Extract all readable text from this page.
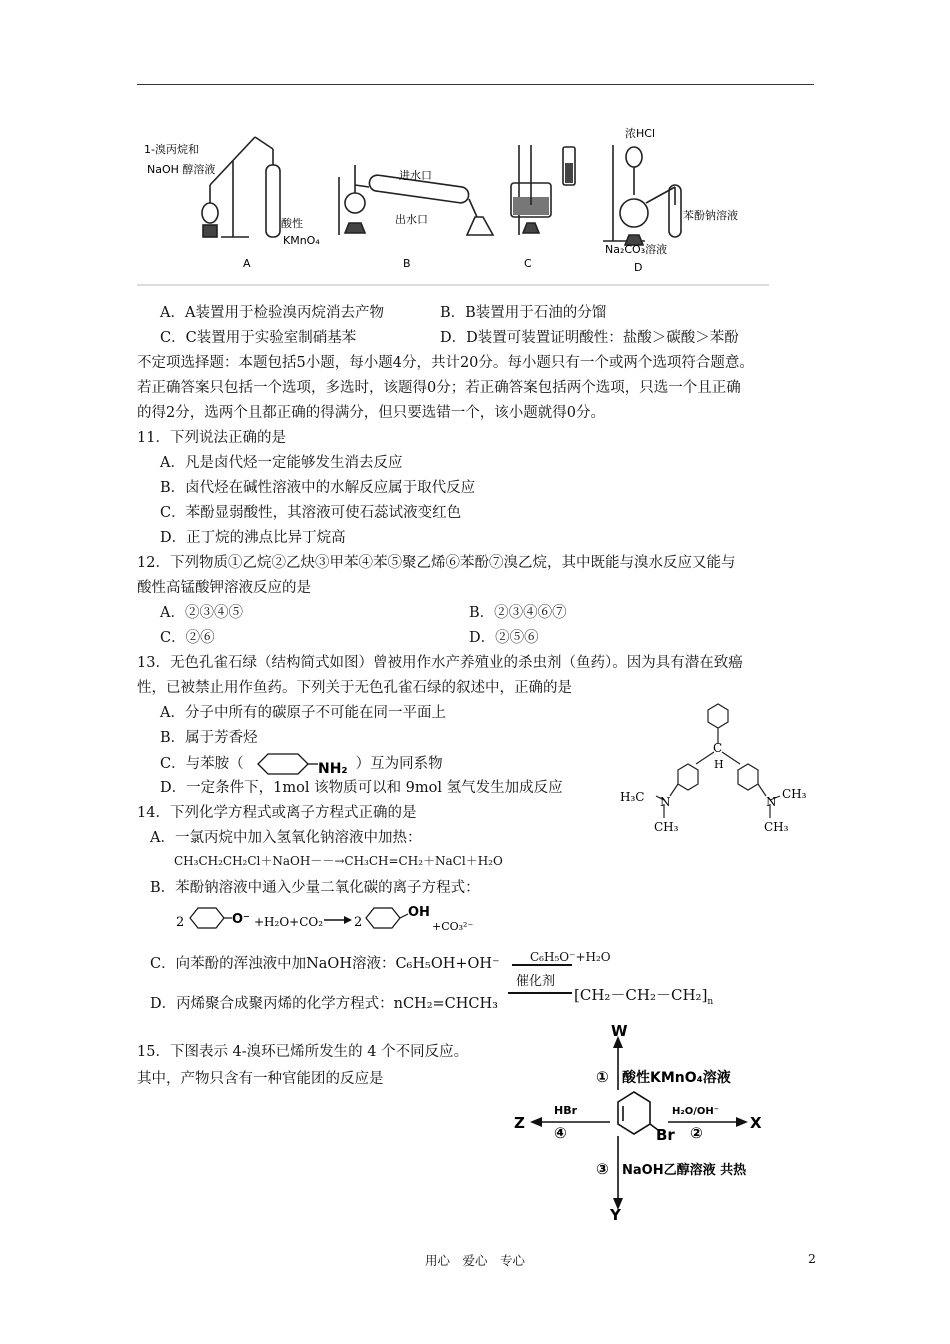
1-溴丙烷和
NaOH 醇溶液
酸性
KMnO₄
A
进水口
出水口
B	C
浓HCl
苯酚钠溶液
Na₂CO₃溶液
D
A．A装置用于检验溴丙烷消去产物	B．B装置用于石油的分馏
C．C装置用于实验室制硝基苯	D．D装置可装置证明酸性：盐酸＞碳酸＞苯酚
不定项选择题：本题包括5小题，每小题4分，共计20分。每小题只有一个或两个选项符合题意。
若正确答案只包括一个选项，多选时，该题得0分；若正确答案包括两个选项，只选一个且正确
的得2分，选两个且都正确的得满分，但只要选错一个，该小题就得0分。
11．下列说法正确的是
A．凡是卤代烃一定能够发生消去反应
B．卤代烃在碱性溶液中的水解反应属于取代反应
C．苯酚显弱酸性，其溶液可使石蕊试液变红色
D．正丁烷的沸点比异丁烷高
12．下列物质①乙烷②乙炔③甲苯④苯⑤聚乙烯⑥苯酚⑦溴乙烷，其中既能与溴水反应又能与
酸性高锰酸钾溶液反应的是
A．②③④⑤	B．②③④⑥⑦
C．②⑥	D．②⑤⑥
13．无色孔雀石绿（结构简式如图）曾被用作水产养殖业的杀虫剂（鱼药）。因为具有潜在致癌
性，已被禁止用作鱼药。下列关于无色孔雀石绿的叙述中，正确的是
A．分子中所有的碳原子不可能在同一平面上
B．属于芳香烃
C．与苯胺（	NH₂ ）互为同系物
D．一定条件下，1mol 该物质可以和 9mol 氢气发生加成反应
C
H
H₃C N	N
CH₃
CH₃	CH₃
14．下列化学方程式或离子方程式正确的是
A．一氯丙烷中加入氢氧化钠溶液中加热：
CH₃CH₂CH₂Cl＋NaOH－－→CH₃CH=CH₂＋NaCl＋H₂O
B．苯酚钠溶液中通入少量二氧化碳的离子方程式：
2	O⁻ +H₂O+CO₂ 2
OH
+CO₃²⁻
C．向苯酚的浑浊液中加NaOH溶液：C₆H₅OH+OH⁻	C₆H₅O⁻+H₂O
D．丙烯聚合成聚丙烯的化学方程式：nCH₂=CHCH₃
催化剂
$[CH_2-CH_2-CH_2]_n$
15．下图表示 4-溴环已烯所发生的 4 个不同反应。
其中，产物只含有一种官能团的反应是
W
Y
X
Z
Br
① 酸性KMnO₄溶液
H₂O/OH⁻
②
③ NaOH乙醇溶液 共热
HBr
④
用心　爱心　专心	2
